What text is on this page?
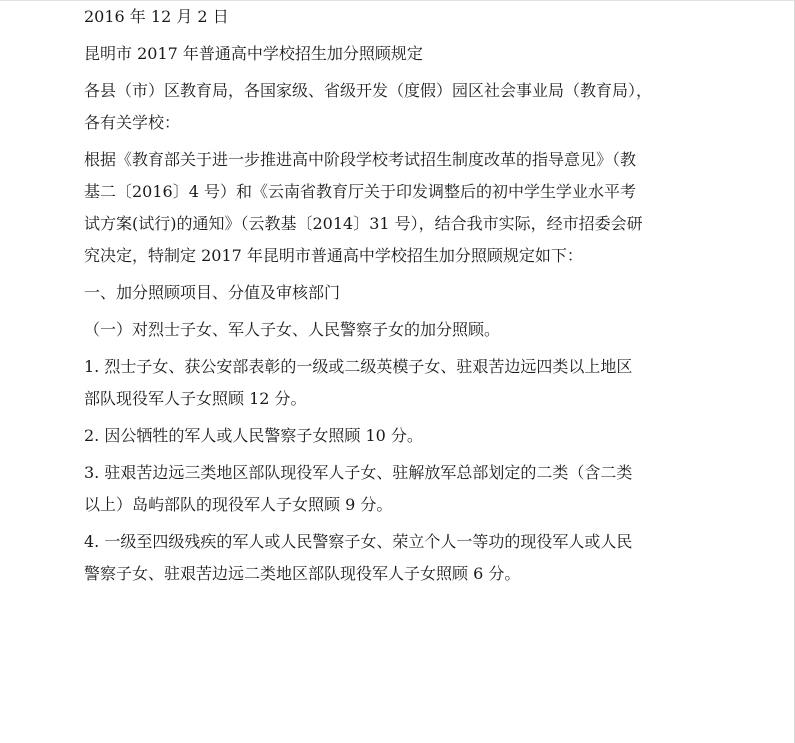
2016 年 12 月 2 日

昆明市 2017 年普通高中学校招生加分照顾规定

各县（市）区教育局，各国家级、省级开发（度假）园区社会事业局（教育局），

各有关学校：

根据《教育部关于进一步推进高中阶段学校考试招生制度改革的指导意见》（教

基二〔2016〕4 号）和《云南省教育厅关于印发调整后的初中学生学业水平考

试方案(试行)的通知》（云教基〔2014〕31 号），结合我市实际，经市招委会研

究决定，特制定 2017 年昆明市普通高中学校招生加分照顾规定如下：

一、加分照顾项目、分值及审核部门

（一）对烈士子女、军人子女、人民警察子女的加分照顾。

1. 烈士子女、获公安部表彰的一级或二级英模子女、驻艰苦边远四类以上地区

部队现役军人子女照顾 12 分。

2. 因公牺牲的军人或人民警察子女照顾 10 分。

3. 驻艰苦边远三类地区部队现役军人子女、驻解放军总部划定的二类（含二类

以上）岛屿部队的现役军人子女照顾 9 分。

4. 一级至四级残疾的军人或人民警察子女、荣立个人一等功的现役军人或人民

警察子女、驻艰苦边远二类地区部队现役军人子女照顾 6 分。
